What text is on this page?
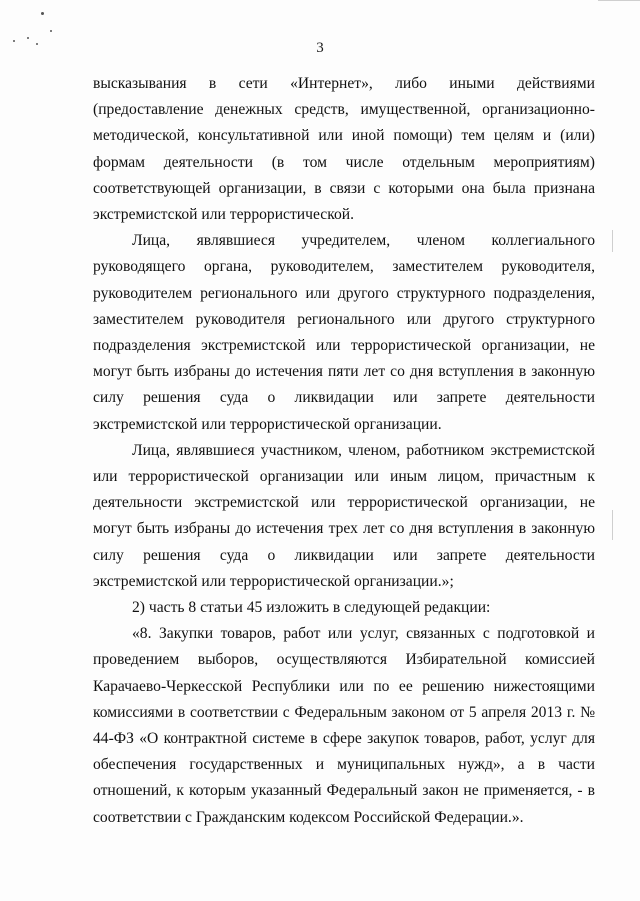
3

высказывания в сети «Интернет», либо иными действиями (предоставление денежных средств, имущественной, организационно-методической, консультативной или иной помощи) тем целям и (или) формам деятельности (в том числе отдельным мероприятиям) соответствующей организации, в связи с которыми она была признана экстремистской или террористической.

Лица, являвшиеся учредителем, членом коллегиального руководящего органа, руководителем, заместителем руководителя, руководителем регионального или другого структурного подразделения, заместителем руководителя регионального или другого структурного подразделения экстремистской или террористической организации, не могут быть избраны до истечения пяти лет со дня вступления в законную силу решения суда о ликвидации или запрете деятельности экстремистской или террористической организации.

Лица, являвшиеся участником, членом, работником экстремистской или террористической организации или иным лицом, причастным к деятельности экстремистской или террористической организации, не могут быть избраны до истечения трех лет со дня вступления в законную силу решения суда о ликвидации или запрете деятельности экстремистской или террористической организации.»;

2) часть 8 статьи 45 изложить в следующей редакции:

«8. Закупки товаров, работ или услуг, связанных с подготовкой и проведением выборов, осуществляются Избирательной комиссией Карачаево-Черкесской Республики или по ее решению нижестоящими комиссиями в соответствии с Федеральным законом от 5 апреля 2013 г. № 44-ФЗ «О контрактной системе в сфере закупок товаров, работ, услуг для обеспечения государственных и муниципальных нужд», а в части отношений, к которым указанный Федеральный закон не применяется, - в соответствии с Гражданским кодексом Российской Федерации.».
